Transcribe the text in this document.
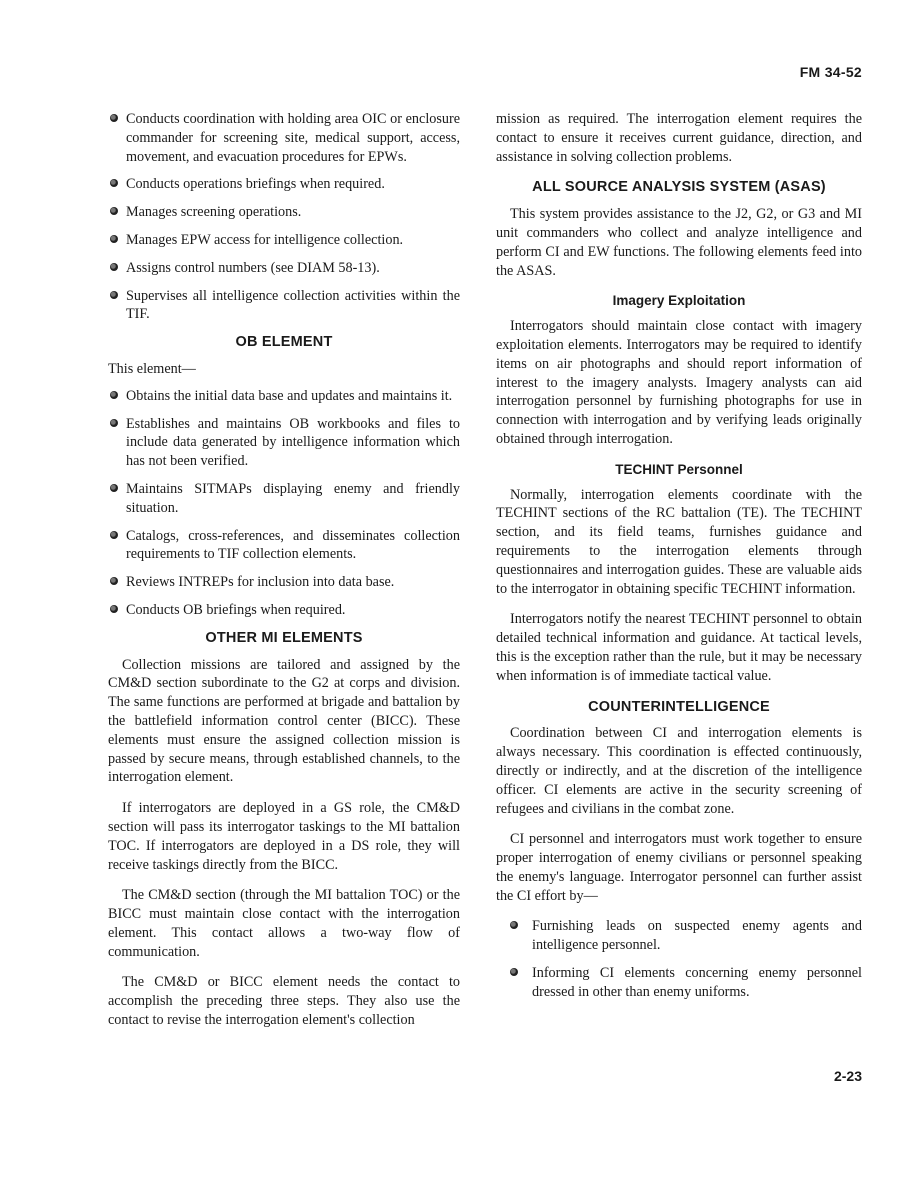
FM 34-52
Conducts coordination with holding area OIC or enclosure commander for screening site, medical support, access, movement, and evacuation procedures for EPWs.
Conducts operations briefings when required.
Manages screening operations.
Manages EPW access for intelligence collection.
Assigns control numbers (see DIAM 58-13).
Supervises all intelligence collection activities within the TIF.
OB ELEMENT

This element—

Obtains the initial data base and updates and maintains it.
Establishes and maintains OB workbooks and files to include data generated by intelligence information which has not been verified.
Maintains SITMAPs displaying enemy and friendly situation.
Catalogs, cross-references, and disseminates collection requirements to TIF collection elements.
Reviews INTREPs for inclusion into data base.
Conducts OB briefings when required.
OTHER MI ELEMENTS

Collection missions are tailored and assigned by the CM&D section subordinate to the G2 at corps and division. The same functions are performed at brigade and battalion by the battlefield information control center (BICC). These elements must ensure the assigned collection mission is passed by secure means, through established channels, to the interrogation element.

If interrogators are deployed in a GS role, the CM&D section will pass its interrogator taskings to the MI battalion TOC. If interrogators are deployed in a DS role, they will receive taskings directly from the BICC.

The CM&D section (through the MI battalion TOC) or the BICC must maintain close contact with the interrogation element. This contact allows a two-way flow of communication.

The CM&D or BICC element needs the contact to accomplish the preceding three steps. They also use the contact to revise the interrogation element's collection

mission as required. The interrogation element requires the contact to ensure it receives current guidance, direction, and assistance in solving collection problems.

ALL SOURCE ANALYSIS SYSTEM (ASAS)

This system provides assistance to the J2, G2, or G3 and MI unit commanders who collect and analyze intelligence and perform CI and EW functions. The following elements feed into the ASAS.

Imagery Exploitation

Interrogators should maintain close contact with imagery exploitation elements. Interrogators may be required to identify items on air photographs and should report information of interest to the imagery analysts. Imagery analysts can aid interrogation personnel by furnishing photographs for use in connection with interrogation and by verifying leads originally obtained through interrogation.

TECHINT Personnel

Normally, interrogation elements coordinate with the TECHINT sections of the RC battalion (TE). The TECHINT section, and its field teams, furnishes guidance and requirements to the interrogation elements through questionnaires and interrogation guides. These are valuable aids to the interrogator in obtaining specific TECHINT information.

Interrogators notify the nearest TECHINT personnel to obtain detailed technical information and guidance. At tactical levels, this is the exception rather than the rule, but it may be necessary when information is of immediate tactical value.

COUNTERINTELLIGENCE

Coordination between CI and interrogation elements is always necessary. This coordination is effected continuously, directly or indirectly, and at the discretion of the intelligence officer. CI elements are active in the security screening of refugees and civilians in the combat zone.

CI personnel and interrogators must work together to ensure proper interrogation of enemy civilians or personnel speaking the enemy's language. Interrogator personnel can further assist the CI effort by—

Furnishing leads on suspected enemy agents and intelligence personnel.
Informing CI elements concerning enemy personnel dressed in other than enemy uniforms.
2-23
